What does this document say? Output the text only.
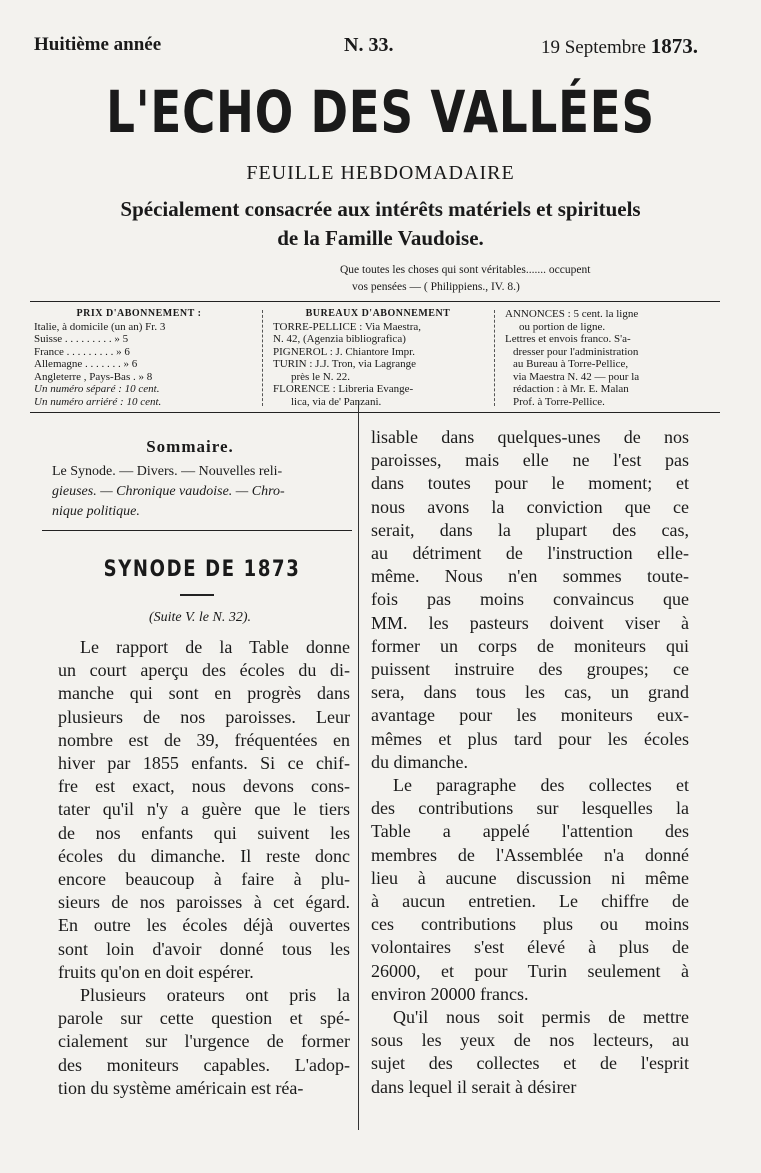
Huitième année	N. 33.	19 Septembre 1873.
L'ECHO DES VALLÉES
FEUILLE HEBDOMADAIRE
Spécialement consacrée aux intérêts matériels et spirituels
de la Famille Vaudoise.
Que toutes les choses qui sont véritables....... occupent
vos pensées — ( Philippiens., IV. 8.)
PRIX D'ABONNEMENT :
Italie, à domicile (un an) Fr. 3
Suisse . . . . . . . . . » 5
France . . . . . . . . . » 6
Allemagne . . . . . . . » 6
Angleterre , Pays-Bas . » 8
Un numéro séparé : 10 cent.
Un numéro arriéré : 10 cent.
BUREAUX D'ABONNEMENT
TORRE-PELLICE : Via Maestra,
N. 42, (Agenzia bibliografica)
PIGNEROL : J. Chiantore Impr.
TURIN : J.J. Tron, via Lagrange
près le N. 22.
FLORENCE : Libreria Evange-
lica, via de' Panzani.
ANNONCES : 5 cent. la ligne
ou portion de ligne.
Lettres et envois franco. S'a-
dresser pour l'administration
au Bureau à Torre-Pellice,
via Maestra N. 42 — pour la
rédaction : à Mr. E. Malan
Prof. à Torre-Pellice.
Sommaire.
Le Synode. — Divers. — Nouvelles reli-
gieuses. — Chronique vaudoise. — Chro-
nique politique.
SYNODE DE 1873
(Suite V. le N. 32).
Le rapport de la Table donne
un court aperçu des écoles du di-
manche qui sont en progrès dans
plusieurs de nos paroisses. Leur
nombre est de 39, fréquentées en
hiver par 1855 enfants. Si ce chif-
fre est exact, nous devons cons-
tater qu'il n'y a guère que le tiers
de nos enfants qui suivent les
écoles du dimanche. Il reste donc
encore beaucoup à faire à plu-
sieurs de nos paroisses à cet égard.
En outre les écoles déjà ouvertes
sont loin d'avoir donné tous les
fruits qu'on en doit espérer.
Plusieurs orateurs ont pris la
parole sur cette question et spé-
cialement sur l'urgence de former
des moniteurs capables. L'adop-
tion du système américain est réa-
lisable dans quelques-unes de nos
paroisses, mais elle ne l'est pas
dans toutes pour le moment; et
nous avons la conviction que ce
serait, dans la plupart des cas,
au détriment de l'instruction elle-
même. Nous n'en sommes toute-
fois pas moins convaincus que
MM. les pasteurs doivent viser à
former un corps de moniteurs qui
puissent instruire des groupes; ce
sera, dans tous les cas, un grand
avantage pour les moniteurs eux-
mêmes et plus tard pour les écoles
du dimanche.
Le paragraphe des collectes et
des contributions sur lesquelles la
Table a appelé l'attention des
membres de l'Assemblée n'a donné
lieu à aucune discussion ni même
à aucun entretien. Le chiffre de
ces contributions plus ou moins
volontaires s'est élevé à plus de
26000, et pour Turin seulement à
environ 20000 francs.
Qu'il nous soit permis de mettre
sous les yeux de nos lecteurs, au
sujet des collectes et de l'esprit
dans lequel il serait à désirer
